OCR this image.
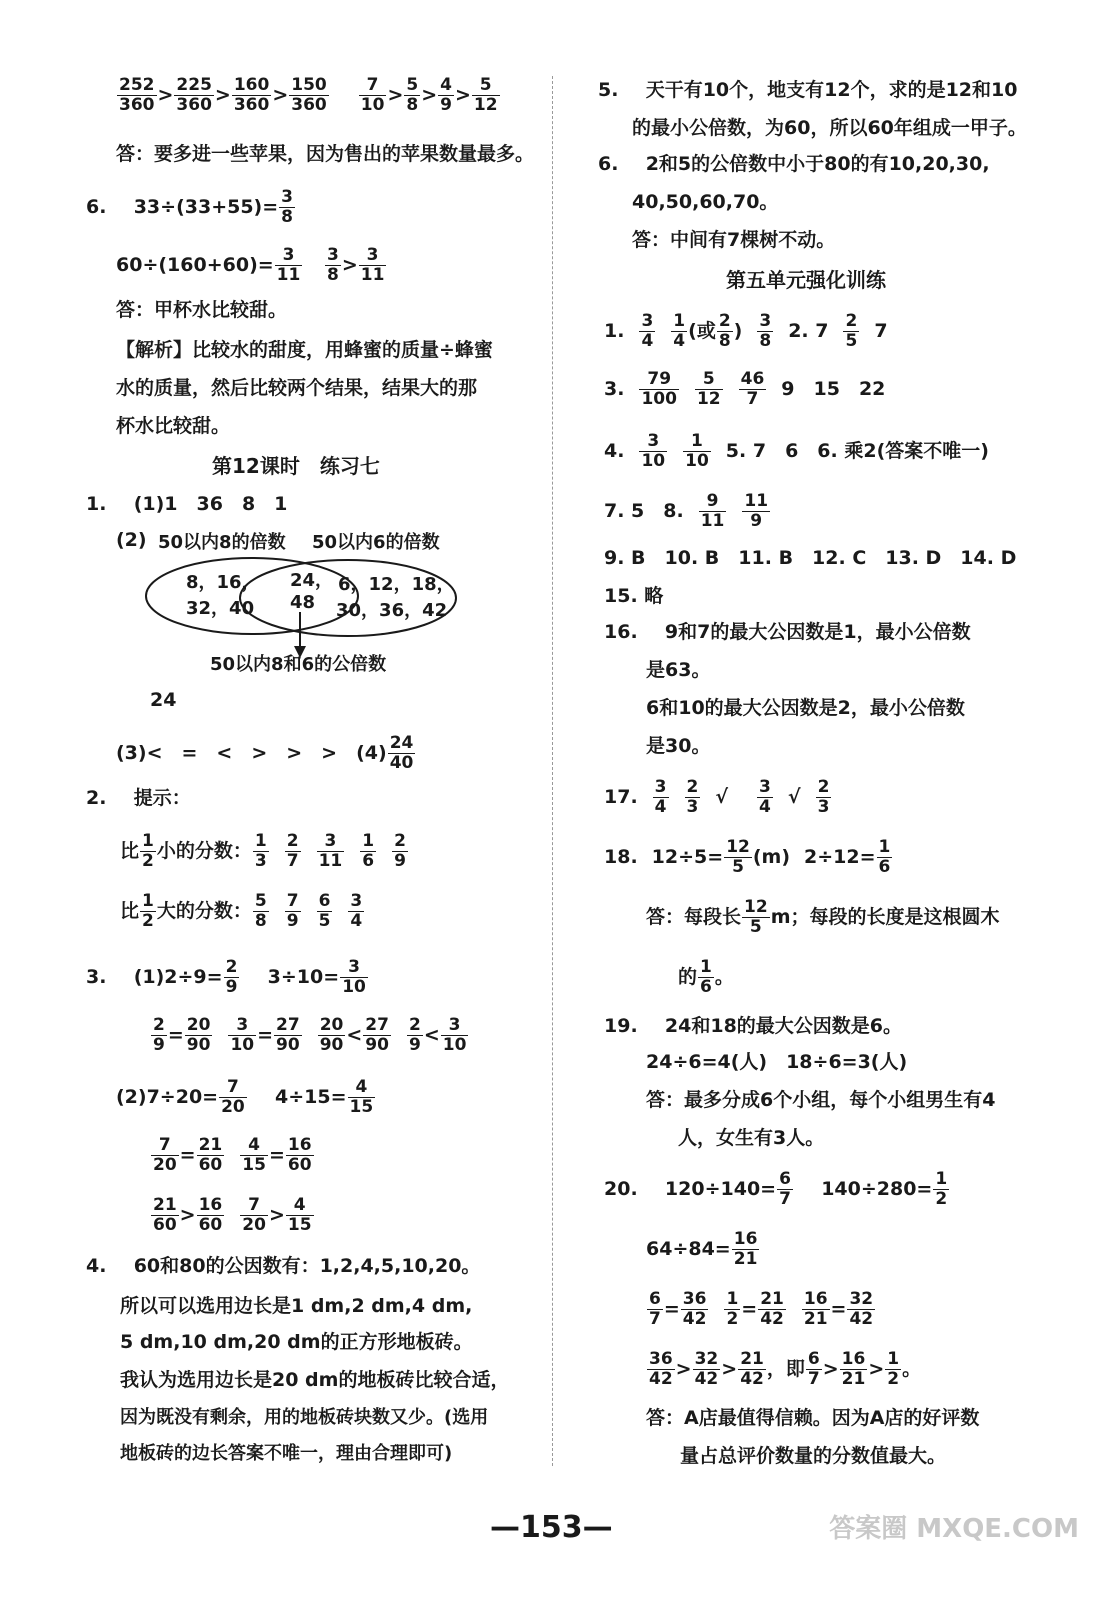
$\frac{252}{360} > \frac{225}{360} > \frac{160}{360} > \frac{150}{360} \frac{7}{10} > \frac{5}{8} > \frac{4}{9} > \frac{5}{12}$
答：要多进一些苹果，因为售出的苹果数量最多。
6. $33\div(33+55)= \frac{3}{8}$
$60\div(160+60)= \frac{3}{11}$
$\frac{3}{8} > \frac{3}{11}$
答：甲杯水比较甜。
【解析】比较水的甜度，用蜂蜜的质量÷蜂蜜
水的质量，然后比较两个结果，结果大的那
杯水比较甜。
第12课时　练习七
1. (1)1　36　8　1
(2) 50以内8的倍数 50以内6的倍数
8，16，
32，40
24，
48
6，12，18，
30，36，42
50以内8和6的公倍数
24
(3)<　=　<　>　>　>　$(4) \frac{24}{40}$
2. 提示：
比 $\frac{1}{2}$ 小的分数： $\frac{1}{3} \frac{2}{7} \frac{3}{11} \frac{1}{6} \frac{2}{9}$
比 $\frac{1}{2}$ 大的分数： $\frac{5}{8} \frac{7}{9} \frac{6}{5} \frac{3}{4}$
3. $(1)2\div 9= \frac{2}{9} 3\div 10= \frac{3}{10}$
$\frac{2}{9} = \frac{20}{90} \frac{3}{10} = \frac{27}{90} \frac{20}{90} < \frac{27}{90} \frac{2}{9} < \frac{3}{10}$
$(2)7\div 20= \frac{7}{20} 4\div 15= \frac{4}{15}$
$\frac{7}{20} = \frac{21}{60} \frac{4}{15} = \frac{16}{60}$
$\frac{21}{60} > \frac{16}{60} \frac{7}{20} > \frac{4}{15}$
4. 60和80的公因数有：1,2,4,5,10,20。
所以可以选用边长是1 dm,2 dm,4 dm,
5 dm,10 dm,20 dm的正方形地板砖。
我认为选用边长是20 dm的地板砖比较合适，
因为既没有剩余，用的地板砖块数又少。(选用
地板砖的边长答案不唯一，理由合理即可)
5. 天干有10个，地支有12个，求的是12和10
的最小公倍数，为60，所以60年组成一甲子。
6. 2和5的公倍数中小于80的有10,20,30,
40,50,60,70。
答：中间有7棵树不动。
第五单元强化训练
1. $\frac{3}{4} \frac{1}{4}$ (或 $\frac{2}{8}$ ) $\frac{3}{8} 2$. $7 \frac{2}{5} 7$
3. $\frac{79}{100} \frac{5}{12} \frac{46}{7} 9$　15　22
4. $\frac{3}{10} \frac{1}{10} 5$. 7　6　6. 乘2(答案不唯一)
7. 5　8. $\frac{9}{11} \frac{11}{9}$
9. B　10. B　11. B　12. C　13. D　14. D
15. 略
16. 9和7的最大公因数是1，最小公倍数
是63。
6和10的最大公因数是2，最小公倍数
是30。
17. $\frac{3}{4} \frac{2}{3}$ √ $\frac{3}{4}$ √ $\frac{2}{3}$
18. $12\div 5= \frac{12}{5} (m)$ $2\div 12= \frac{1}{6}$
答：每段长 $\frac{12}{5}$ m；每段的长度是这根圆木
的 $\frac{1}{6}$ 。
19. 24和18的最大公因数是6。
24÷6=4(人)　18÷6=3(人)
答：最多分成6个小组，每个小组男生有4
人，女生有3人。
20. $120\div 140= \frac{6}{7} 140\div 280= \frac{1}{2}$
$64\div 84= \frac{16}{21}$
$\frac{6}{7} = \frac{36}{42} \frac{1}{2} = \frac{21}{42} \frac{16}{21} = \frac{32}{42}$
$\frac{36}{42} > \frac{32}{42} > \frac{21}{42}$ ，即 $\frac{6}{7} > \frac{16}{21} > \frac{1}{2}$ 。
答：A店最值得信赖。因为A店的好评数
量占总评价数量的分数值最大。
—153—	答案圈 MXQE.COM
